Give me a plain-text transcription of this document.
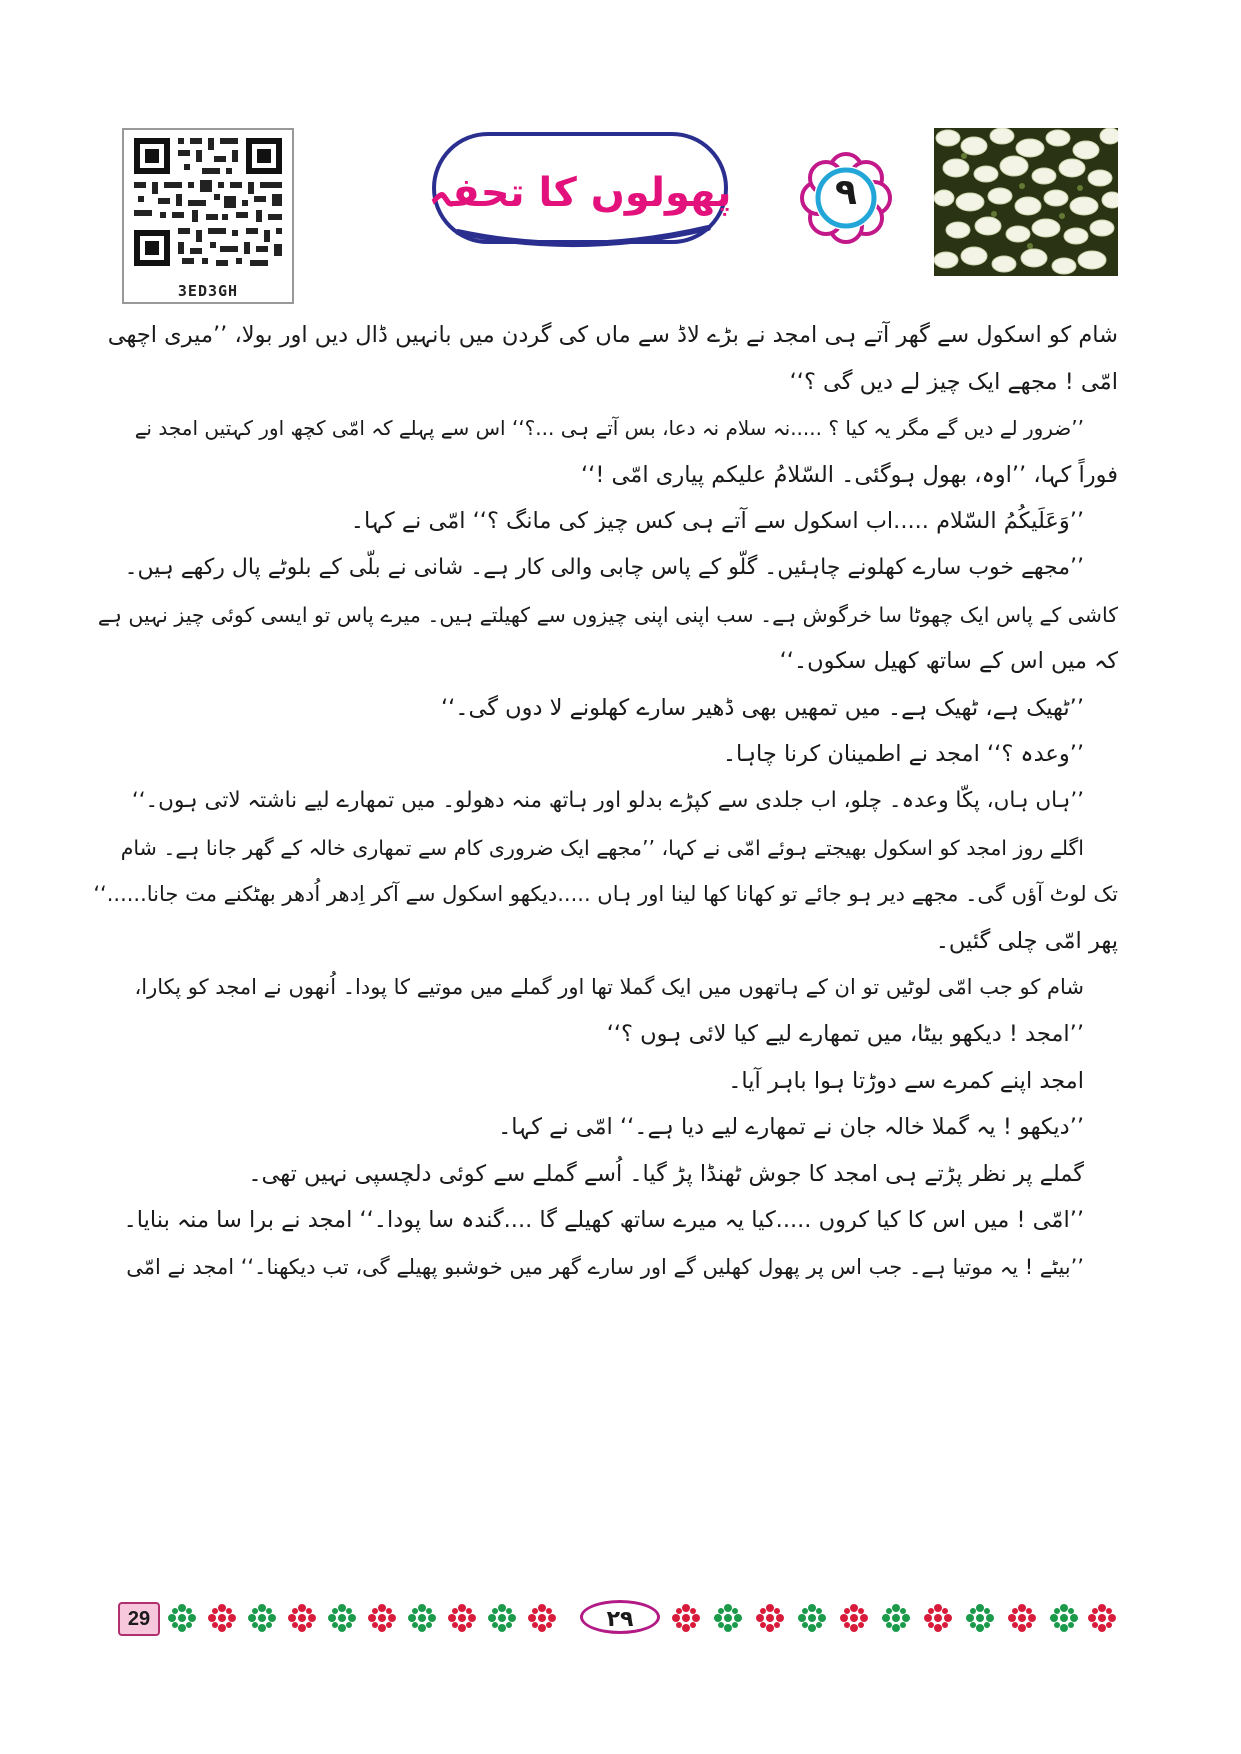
3ED3GH
پھولوں کا تحفہ	۹

شام کو اسکول سے گھر آتے ہی امجد نے بڑے لاڈ سے ماں کی گردن میں بانہیں ڈال دیں اور بولا، ’’میری اچھی

امّی ! مجھے ایک چیز لے دیں گی ؟‘‘

’’ضرور لے دیں گے مگر یہ کیا ؟ .....نہ سلام نہ دعا، بس آتے ہی ...؟‘‘ اس سے پہلے کہ امّی کچھ اور کہتیں امجد نے

فوراً کہا، ’’اوہ، بھول ہوگئی۔ السّلامُ علیکم پیاری امّی !‘‘

’’وَعَلَیکُمُ السّلام .....اب اسکول سے آتے ہی کس چیز کی مانگ ؟‘‘ امّی نے کہا۔

’’مجھے خوب سارے کھلونے چاہئیں۔ گلّو کے پاس چابی والی کار ہے۔ شانی نے بلّی کے بلوٹے پال رکھے ہیں۔

کاشی کے پاس ایک چھوٹا سا خرگوش ہے۔ سب اپنی اپنی چیزوں سے کھیلتے ہیں۔ میرے پاس تو ایسی کوئی چیز نہیں ہے

کہ میں اس کے ساتھ کھیل سکوں۔‘‘

’’ٹھیک ہے، ٹھیک ہے۔ میں تمھیں بھی ڈھیر سارے کھلونے لا دوں گی۔‘‘

’’وعدہ ؟‘‘ امجد نے اطمینان کرنا چاہا۔

’’ہاں ہاں، پکّا وعدہ۔ چلو، اب جلدی سے کپڑے بدلو اور ہاتھ منہ دھولو۔ میں تمھارے لیے ناشتہ لاتی ہوں۔‘‘

اگلے روز امجد کو اسکول بھیجتے ہوئے امّی نے کہا، ’’مجھے ایک ضروری کام سے تمھاری خالہ کے گھر جانا ہے۔ شام

تک لوٹ آؤں گی۔ مجھے دیر ہو جائے تو کھانا کھا لینا اور ہاں .....دیکھو اسکول سے آکر اِدھر اُدھر بھٹکنے مت جانا......‘‘

پھر امّی چلی گئیں۔

شام کو جب امّی لوٹیں تو ان کے ہاتھوں میں ایک گملا تھا اور گملے میں موتیے کا پودا۔ اُنھوں نے امجد کو پکارا،

’’امجد ! دیکھو بیٹا، میں تمھارے لیے کیا لائی ہوں ؟‘‘

امجد اپنے کمرے سے دوڑتا ہوا باہر آیا۔

’’دیکھو ! یہ گملا خالہ جان نے تمھارے لیے دیا ہے۔‘‘ امّی نے کہا۔

گملے پر نظر پڑتے ہی امجد کا جوش ٹھنڈا پڑ گیا۔ اُسے گملے سے کوئی دلچسپی نہیں تھی۔

’’امّی ! میں اس کا کیا کروں .....کیا یہ میرے ساتھ کھیلے گا ....گندہ سا پودا۔‘‘ امجد نے برا سا منہ بنایا۔

’’بیٹے ! یہ موتیا ہے۔ جب اس پر پھول کھلیں گے اور سارے گھر میں خوشبو پھیلے گی، تب دیکھنا۔‘‘ امجد نے امّی

29	۲۹
